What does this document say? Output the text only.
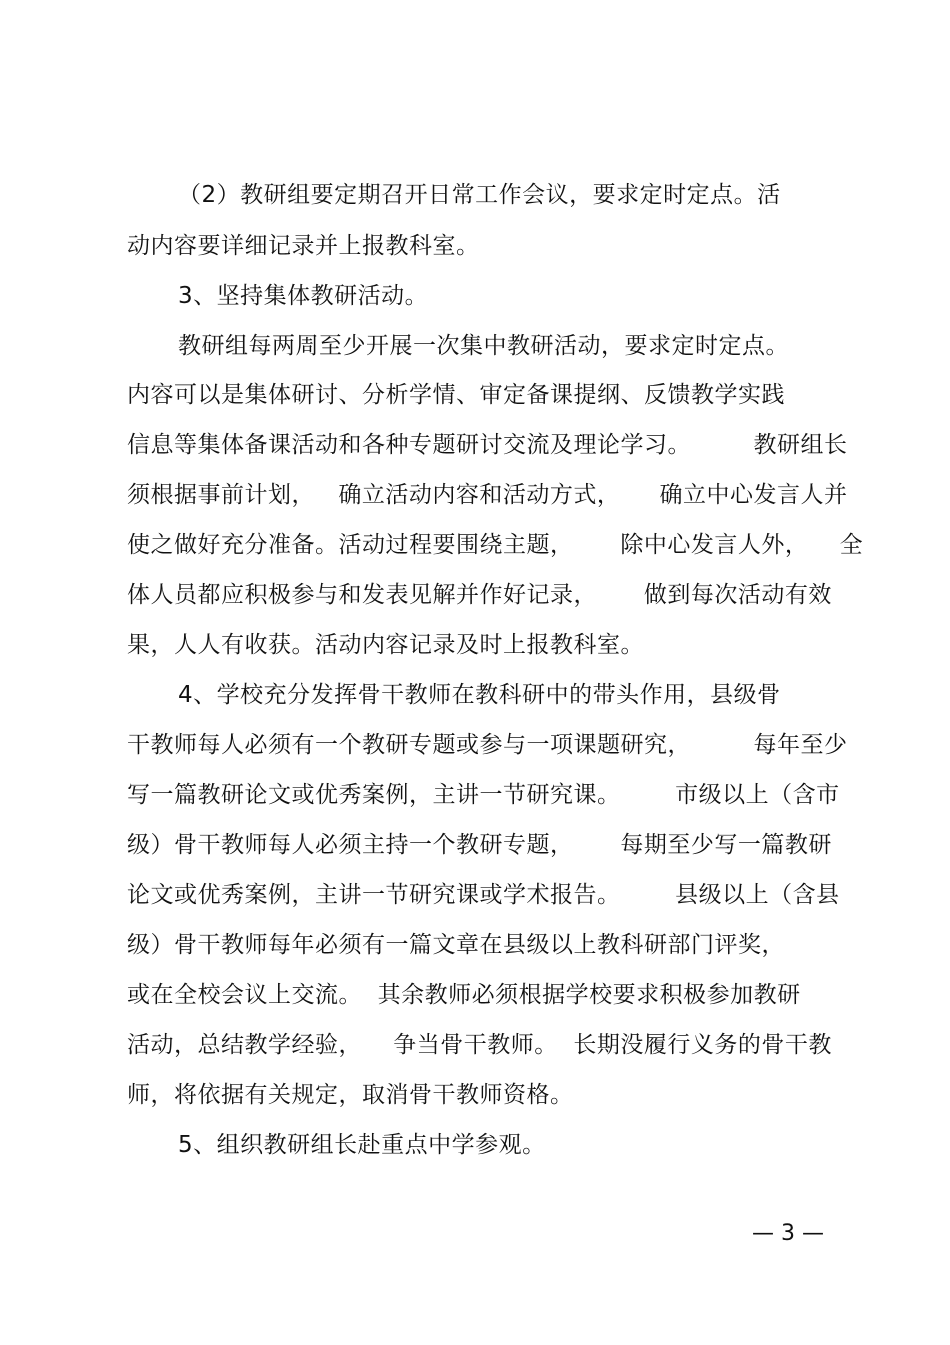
（2）教研组要定期召开日常工作会议，要求定时定点。活
动内容要详细记录并上报教科室。
3、坚持集体教研活动。
教研组每两周至少开展一次集中教研活动，要求定时定点。
内容可以是集体研讨、分析学情、审定备课提纲、反馈教学实践
信息等集体备课活动和各种专题研讨交流及理论学习。        教研组长
须根据事前计划，   确立活动内容和活动方式，     确立中心发言人并
使之做好充分准备。活动过程要围绕主题，      除中心发言人外，    全
体人员都应积极参与和发表见解并作好记录，      做到每次活动有效
果，人人有收获。活动内容记录及时上报教科室。
4、学校充分发挥骨干教师在教科研中的带头作用，县级骨
干教师每人必须有一个教研专题或参与一项课题研究，        每年至少
写一篇教研论文或优秀案例，主讲一节研究课。       市级以上（含市
级）骨干教师每人必须主持一个教研专题，      每期至少写一篇教研
论文或优秀案例，主讲一节研究课或学术报告。       县级以上（含县
级）骨干教师每年必须有一篇文章在县级以上教科研部门评奖，
或在全校会议上交流。  其余教师必须根据学校要求积极参加教研
活动，总结教学经验，    争当骨干教师。  长期没履行义务的骨干教
师，将依据有关规定，取消骨干教师资格。
5、组织教研组长赴重点中学参观。
— 3 —
